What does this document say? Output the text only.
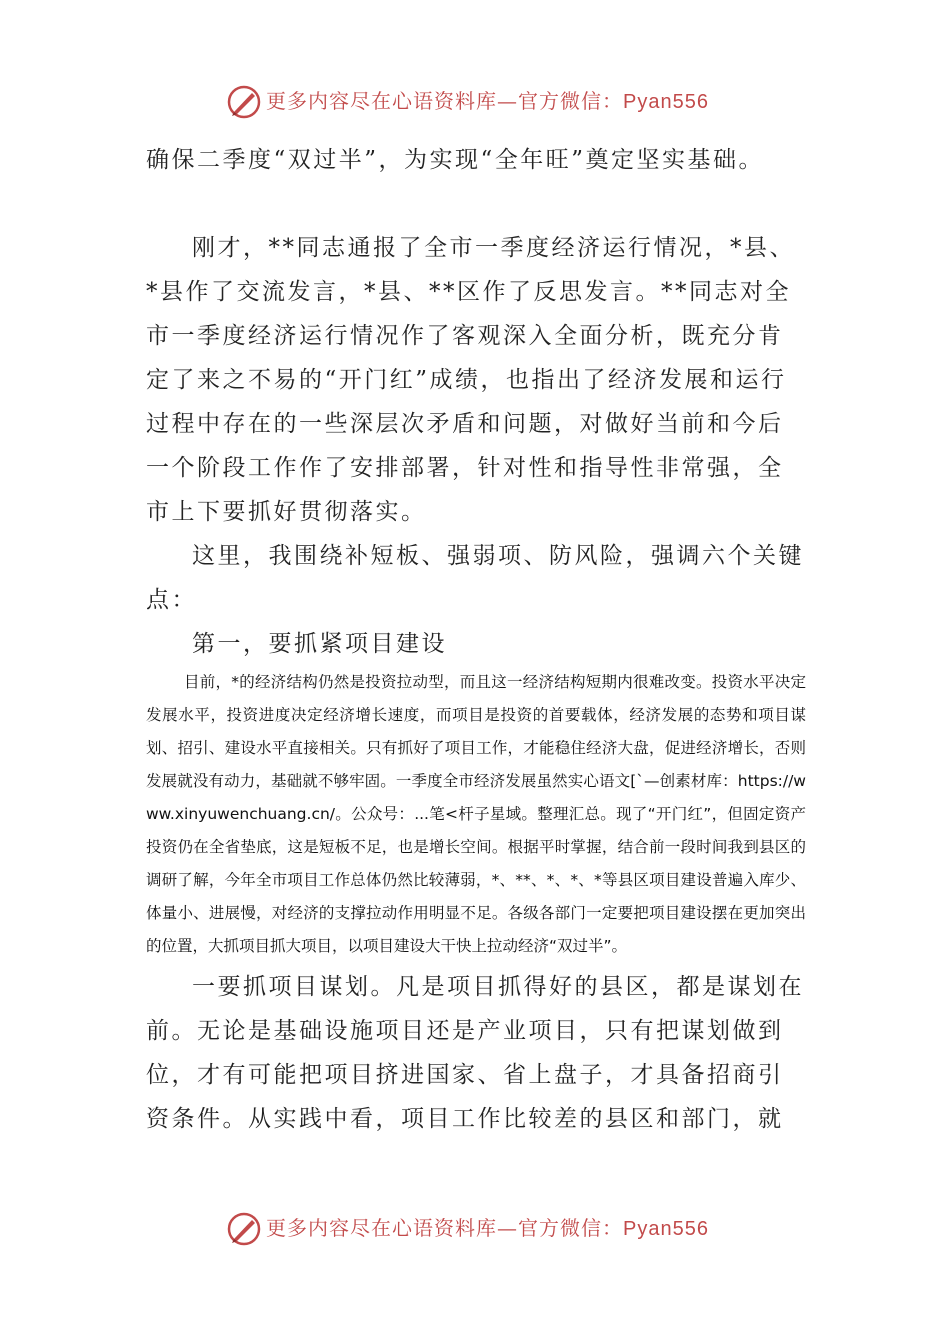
更多内容尽在心语资料库—官方微信：Pyan556

确保二季度“双过半”，为实现“全年旺”奠定坚实基础。

刚才，**同志通报了全市一季度经济运行情况，*县、*县作了交流发言，*县、**区作了反思发言。**同志对全市一季度经济运行情况作了客观深入全面分析，既充分肯定了来之不易的“开门红”成绩，也指出了经济发展和运行过程中存在的一些深层次矛盾和问题，对做好当前和今后一个阶段工作作了安排部署，针对性和指导性非常强，全市上下要抓好贯彻落实。

这里，我围绕补短板、强弱项、防风险，强调六个关键点：

第一，要抓紧项目建设

目前，*的经济结构仍然是投资拉动型，而且这一经济结构短期内很难改变。投资水平决定发展水平，投资进度决定经济增长速度，而项目是投资的首要载体，经济发展的态势和项目谋划、招引、建设水平直接相关。只有抓好了项目工作，才能稳住经济大盘，促进经济增长，否则发展就没有动力，基础就不够牢固。一季度全市经济发展虽然实心语文[`—创素材库：https://www.xinyuwenchuang.cn/。公众号：...笔<杆子星域。整理汇总。现了“开门红”，但固定资产投资仍在全省垫底，这是短板不足，也是增长空间。根据平时掌握，结合前一段时间我到县区的调研了解，今年全市项目工作总体仍然比较薄弱，*、**、*、*、*等县区项目建设普遍入库少、体量小、进展慢，对经济的支撑拉动作用明显不足。各级各部门一定要把项目建设摆在更加突出的位置，大抓项目抓大项目，以项目建设大干快上拉动经济“双过半”。

一要抓项目谋划。凡是项目抓得好的县区，都是谋划在前。无论是基础设施项目还是产业项目，只有把谋划做到位，才有可能把项目挤进国家、省上盘子，才具备招商引资条件。从实践中看，项目工作比较差的县区和部门，就

更多内容尽在心语资料库—官方微信：Pyan556
